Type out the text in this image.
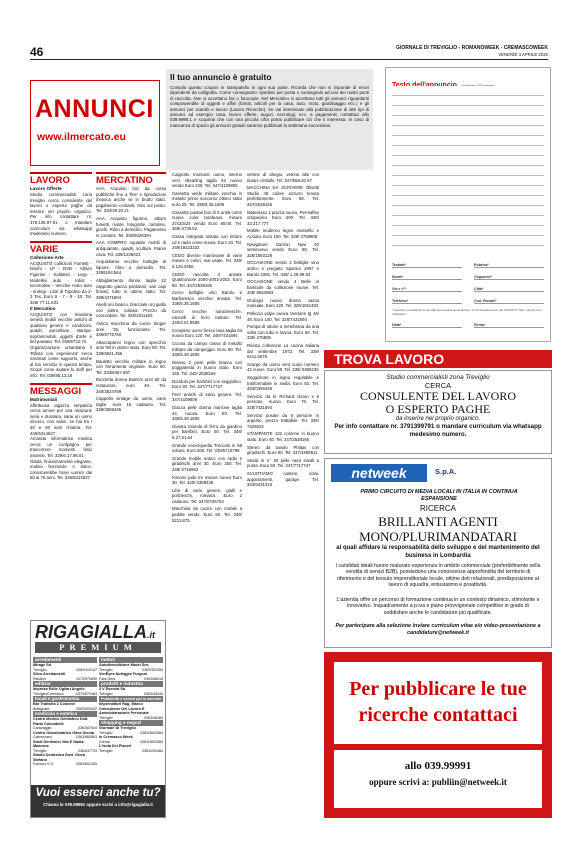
46	GIORNALE DI TREVIGLIO - ROMANOWEEK - CREMASCOWEEK
VENERDÌ 3 APRILE 2020
ANNUNCI
www.ilmercato.eu
Il tuo annuncio è gratuito
Compila questo coupon in stampatello in ogni sua parte. Ricorda che non si risponde di errori dipendenti da calligrafia. Come consegnarlo: spedisci per posta o consegnalo ad uno dei nostri punti di raccolta. Non si accettano fax o fotocopie. Nel Mercatino si accettano tutti gli annunci riguardanti compravendite di oggetti e affini (forniti, articoli per la casa, auto, moto, giardinaggio ecc.) e gli annunci per scambi e lavoro (Lavoro Ricerche). Se vai interessato alla pubblicazione di altri tipi di annunci ad esempio casa, lavoro offerte, auguri, necrologi, ecc. a pagamento contattaci allo 039.9999.1 e scoprirai che con una piccola cifra potrai pubblicare ciò che ti interessa. In caso di mancanza di spazio gli annunci gratuiti saranno pubblicati la settimana successiva.
Testata*	Rubrica*
Nome*	Cognome*
Via e n°*	Città*
Telefono*	Cod. Fiscale*
* Autorizzo al trattamento dei dati personali ai sensi dell'art. 13 del Regolamento UE 2016/679. Tutti i campi sono obbligatori.
Data*	Firma*
LAVORO
Lavoro Offerte
Studio commercialisti zona treviglio cerca consulente del lavoro o esperto paghe da inserire nel proprio organico. Per info contattare nr. 379.139.97.91 o mandare curriculum via whatsapp medesimo numero.
VARIE
Collezione-Arte
ACQUISTO collezioni Fumetti - Dischi - LP - DVD - Album Figurine - Soldatini - Lego - Modellini auto - robot - locomotive - Vecchie moto auto - orologi - Libri di Topolino da 2-3 Tex. Euro 6 - 7 - 8 - 10. Tel. 328/ 77.11.831
Il Mercatino
ACQUISTO con massima serietà mobili vecchie antichi di qualsiasi genere e condizioni, quadri, porcellane, stampe, soprammobili, oggetti d'arte e del passato. Tel. 039/6732.73
Organizzazione umanitaria il 'Rifiuto con esperienza' cerca volontari come supporto, anche al tuo servizio in questo tempo. Scopri come aiutare lo staff per info: Tel. 039/85.13.18
MESSAGGI
Matrimoniali
Affettuosa ragazza simpatica cerca amore per una relazione seria e duratura, sarai un uomo sincero, con valori, se hai tra i 40 e 60 anni chiama. Tel. 346/5314637
Amanda informatrice medica cerca un compagno per trascorrere momenti felici insieme. Tel. 329/6.17.98.01
Giada, finissimamente elegante, motivo femminile e dolce, conoscerebbe bravi uomini dai 50 ai 70 anni. Tel. 346/5314637
MERCATINO
AAA Acquisto bici da corsa pubbliche fino a 'fine' e riproduzioni d'epoca anche se in brutto stato, pagamento contanti, ritiro sul posto. Tel. 333/39.20.21
AAA Acquisto figurine, album fumetti, riviste, fotografie, cartoline, giochi. Ritiro a domicilio. Pagamento in contanti. Tel. 338/5028394
AAA COMPRO squadre mobili di antiquariato, quadri, sculture. Pianin cava. Tel. 339/1236023
Acquistiamo vecchie bottiglie di liquore, ritiro a domicilio. Tel. 3495184.564
Abbigliamento donna taglia 42 cappotto giacca pantaloni, vari capi firmati, tutto in ottimo stato. Tel. 389/4471804
Anelli oro bianco, bracciale oro giallo con pietre, collana. Prezzo da concordare. Tel. 328/1811483
Antica macchina da cucire Singer anni '30, funzionante. Tel. 339/9776760
Attaccapanni legno con specchio anni '50 in ottimo stato. Euro 80. Tel. 339/9621.456
Bauletto vecchio militare in legno con ferramenta originale. Euro 60. Tel. 333/6457.897
Bicicletta donna Bianchi anni 60 da restaurare, euro 40. Tel. 340/3524789
Cappello vintage da uomo, varie taglie, euro 15 cadauno. Tel. 339/3559436
Cappotto montone uomo, interno vero shearling taglia 52 nuovo vendo Euro 230. Tel. 347/4109806
Cassetta verde militare vecchia in metallo primo soccorso ottimo stato euro 25. Tel. 335/5.35.1805
Cassette postali box di 5 unità come nuove color bordeaux, misure 37x33x24 vendo Euro 80,00. Tel. 368/ 6735.62
Cassa integrata tostata con lettore cd e radio come nuova. Euro 40. Tel. 349/19223332
CEDO diverse mantovane di varie misure e colori, mai usate. Tel. 349/ 5.125.0456
CEDO raccolta 3 annate Quattroruote 2000-2002-2003. Euro 60. Tel. 347/2538166
Cerco bottiglie vino Barolo e Barbaresco vecchie annate. Tel. 335/5.35.1805
Cerco vecchie saracinesche, cancelli in ferro battuto. Tel. 340/4.01.8585
Completo uomo fresco lana taglia 54 nuovo Euro 120. Tel. 349/7431694
Cucina da campo cassa di metallo militare da campeggio. Euro 80. Tel. 335/5.35.1805
Divano 2 posti pelle bianca con poggiatesta in buono stato. Euro 150. Tel. 340/ 2538166
Dondolo per bambini con seggiolino. Euro 30. Tel. 347/7717747
Ferri antichi di vario genere. Tel. 347/4109806
Giacca pelle donna marrone taglia 44, nuova. Euro 60. Tel. 335/5.35.1805
Giostra rotonda di ferro da giardino per bambini. Euro 50. Tel. 348/ 5.27.51.64
Grande enciclopedia Treccani in 58 volumi. Euro 500. Tel. 339/5716798
Grande mobile antico con radio e giradischi anni 30. Euro 250. Tel. 349/ 5716953
Kimono judo tre misure nuovo Euro 30. Tel. 320/ 0359436
Libri di vario genere, gialli e polizieschi, romanzi. Euro 2 cadauno. Tel. 347/0706754
Macchina da cucire con mobile a pedale vendo. Euro 50. Tel. 349/ 5211.875
vetrine di ciliegio, vetrine alte con ripiani cristallo. Tel. 347/558.20.57
MACCHINA DA SCRIVERE Olivetti Studio 46 colore azzurro tenuta perfettamente. Euro 50. Tel. 347/2538166
Materasso 1 piazza nuovo, Permaflex ortopedico Euro 200. Tel. 340/ 33.217.777
Mobile moderno legno massello e Acciaio. Euro 150. Tel. 339/ 3758906
Navigatore Garmin Nuvi 40 seminuovo vendo Euro 80. Tel. 328/1893128
OCCASIONE vendo 2 bottiglie vino antico e pregiato Spanna 1967 e Barolo 1981. Tel. 349/ 1.28.99.83
OCCASIONE vendo 4 Belle in bambole da collezione nuove. Tel. 349/ 8663983
Orologio nuovo donna cassa manuale. Euro 120. Tel. 328/1811483
Pelliccia volpe nuova Verdone tg 46/ 48. Euro 100. Tel. 328/7431694
Pompa di ottone a membrana da una volta con tubo e lancia. Euro 60. Tel. 335/ 375806
Rivista collezione La cucina italiana dal settembre 1972. Tel. 339/ 6211.5678
Scarpe da uomo vero cuoio numero 42 nuove. Euro 50. Tel. 338/ 0359436
Seggiolone in legno regolabile e trasformabile in sedia. Euro 50. Tel. 320/0359436
Servizio da tè Richard Ginori x 6 persone, nuovo. Euro 70. Tel. 328/7431694
Servizio posate da 6 persone in argento, prezzo trattabile. Tel. 335/ 7325622
STAMPANTE 132 colonne in buono stato. Euro 40. Tel. 347/2538166
Stereo da tavolo Philips con giradischi. Euro 90. Tel. 347/1699511
Stivali in n° 40 pelle nera stivali a punta. Euro 50. Tel. 347/7717747
SVUOTIAMO cantine, solai, appartamenti, garage. Tel. 333/6431316
RIGAGIALLA.it
PREMIUM
arredamenti
Mirage Srl
Treviglio	0363/410147
Silvo Arredamenti
Pandino	0373/970890
edilizia
Impresa Edile Ogliari Angelo
Treviglio/Cremasco	0373/870463
locali e gastronomia
Bar Trattoria 2 Colonne
Antegnate	0363/905452
medicina e estetica
Centro Medico Dentistico Dott. Fabio Colombelli
Caravaggio	0363/87544
Centro Odontoiatrico Gava Dicola
Calvenzano	0363/860863
Studi Dentistici Vita E Nadia Mazzone
Treviglio	0363/47733
Studio Dentistico Dott. Gessi Stefano
Fornovo S.G.	0363/801405
motori
Autodemolizione Mazzi Snc
Treviglio	0363/302355
VenEyes Noleggio Furgoni
Fara Gera	0363/68018
prodotti e industria
3 V Esercia Sa
Treviglio	0363/45340
Pubblicità e servizi per le aziende
Imprenditori Rag. Marco Consulenze Del Lavoro E Amministrazione Personale
Treviglio	0363/46469
shopping e negozi
Giornale Di Treviglio
Treviglio	0363/3602564
In Cremasco Week
Crema	0363/3602569
L'Isola Dei Piaceri
Treviglio	0363/200484
Vuoi esserci anche tu?
Chiama lo 039.99991 oppure scrivi a info@rigagialla.it
TROVA LAVORO
Studio commercialisti zona Treviglio
CERCA
CONSULENTE DEL LAVORO
O ESPERTO PAGHE
da inserire nel proprio organico.
Per info contattare nr. 3791399791 o mandare curriculum via whatsapp medesimo numero.
netweek	S.p.A.
PRIMO CIRCUITO DI MEDIA LOCALI IN ITALIA IN CONTINUA ESPANSIONE
RICERCA
BRILLANTI AGENTI
MONO/PLURIMANDATARI
ai quali affidare la responsabilità dello sviluppo e del mantenimento del business in Lombardia
I candidati ideali hanno maturato esperienza in ambito commerciale (preferibilmente nella vendita di servizi B2B), possiedono una conoscenza approfondita del territorio di riferimento e del tessuto imprenditoriale locale, ottime doti relazionali, predisposizione al lavoro di squadra, entusiasmo e proattività.
L'azienda offre un percorso di formazione continua in un contesto dinamico, stimolante e innovativo. Inquadramento a p.iva e piano provvigionale competitivo in grado di soddisfare anche le candidature più qualificate.
Per partecipare alla selezione inviare curriculum vitae e/o video-presentazione a candidature@netweek.it
Per pubblicare le tue
ricerche contattaci
allo 039.99991
oppure scrivi a: publiin@netweek.it
